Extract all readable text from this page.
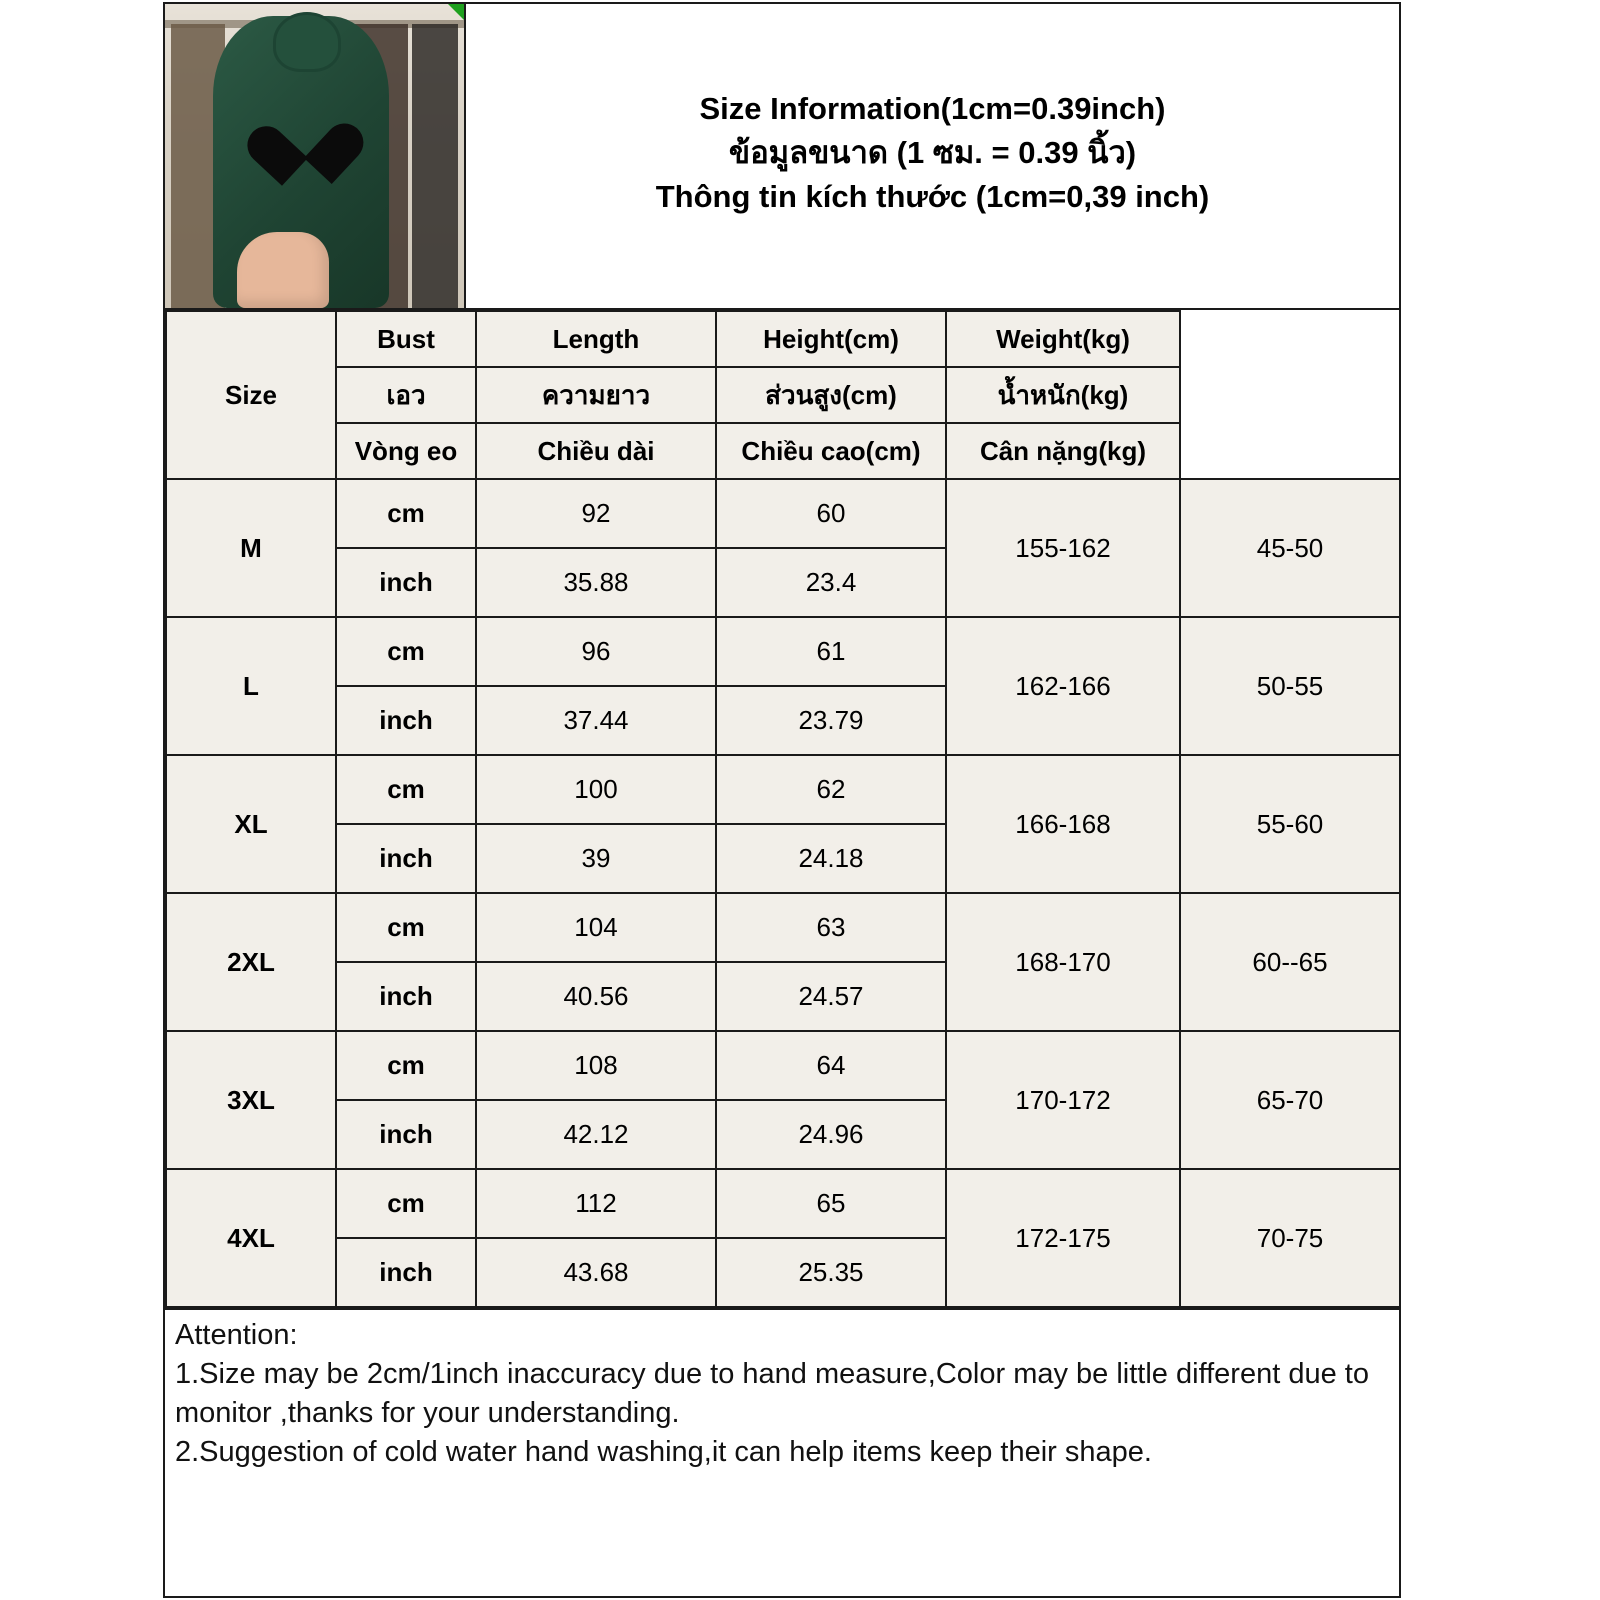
Size Information(1cm=0.39inch)
ข้อมูลขนาด (1 ซม. = 0.39 นิ้ว)
Thông tin kích thước (1cm=0,39 inch)
Size	Bust	Length	Height(cm)	Weight(kg)	
	เอว	ความยาว	ส่วนสูง(cm)	น้ำหนัก(kg)	
	Vòng eo	Chiều dài	Chiều cao(cm)	Cân nặng(kg)	
M	cm	92	60	155-162	45-50
	inch	35.88	23.4		
L	cm	96	61	162-166	50-55
	inch	37.44	23.79		
XL	cm	100	62	166-168	55-60
	inch	39	24.18		
2XL	cm	104	63	168-170	60--65
	inch	40.56	24.57		
3XL	cm	108	64	170-172	65-70
	inch	42.12	24.96		
4XL	cm	112	65	172-175	70-75
	inch	43.68	25.35		
Attention:
1.Size may be 2cm/1inch inaccuracy due to hand measure,Color may be little different due to monitor ,thanks for your understanding.
2.Suggestion of cold water hand washing,it can help items keep their shape.
